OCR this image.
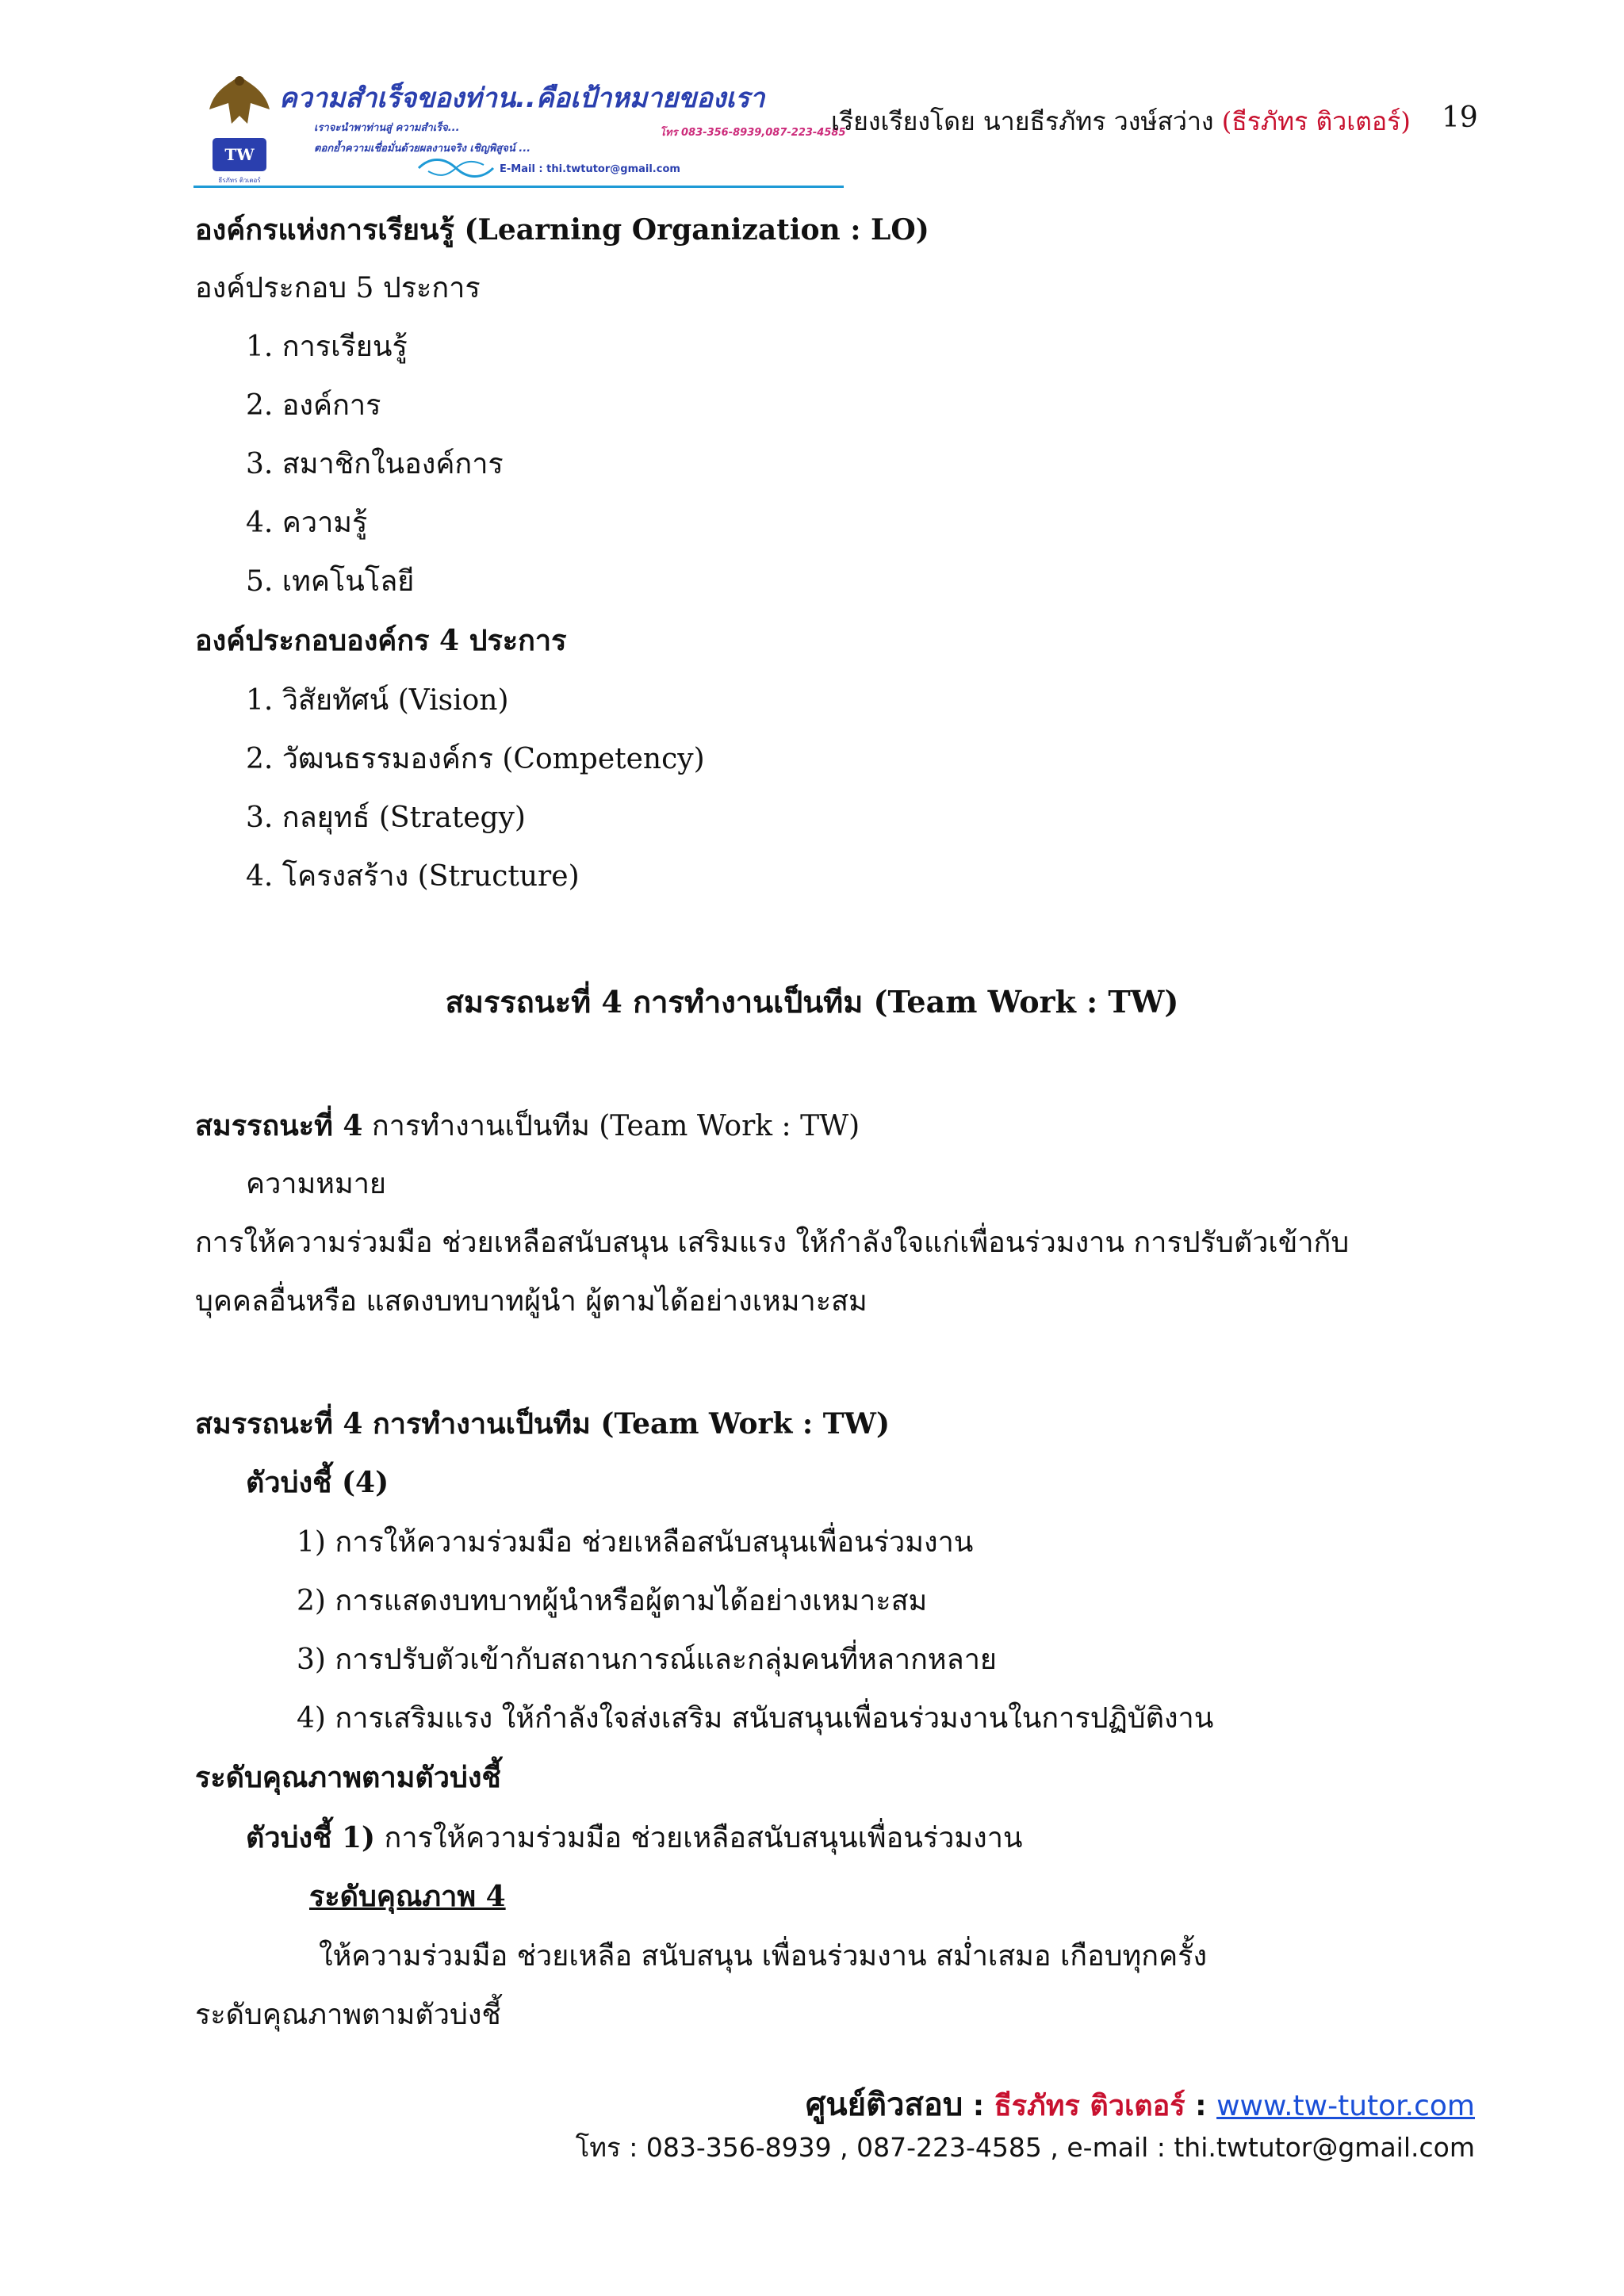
TW
ธีรภัทร ติวเตอร์
ความสำเร็จของท่าน..คือเป้าหมายของเรา
เราจะนำพาท่านสู่ ความสำเร็จ...	โทร 083-356-8939,087-223-4585
ตอกย้ำความเชื่อมั่นด้วยผลงานจริง เชิญพิสูจน์ ...
E-Mail : thi.twtutor@gmail.com
เรียงเรียงโดย นายธีรภัทร วงษ์สว่าง (ธีรภัทร ติวเตอร์) 19
องค์กรแห่งการเรียนรู้ (Learning Organization : LO)
องค์ประกอบ 5 ประการ
1. การเรียนรู้
2. องค์การ
3. สมาชิกในองค์การ
4. ความรู้
5. เทคโนโลยี
องค์ประกอบองค์กร 4 ประการ
1. วิสัยทัศน์ (Vision)
2. วัฒนธรรมองค์กร (Competency)
3. กลยุทธ์ (Strategy)
4. โครงสร้าง (Structure)
สมรรถนะที่ 4 การทำงานเป็นทีม (Team Work : TW)
สมรรถนะที่ 4 การทำงานเป็นทีม (Team Work : TW)
ความหมาย
การให้ความร่วมมือ ช่วยเหลือสนับสนุน เสริมแรง ให้กำลังใจแก่เพื่อนร่วมงาน การปรับตัวเข้ากับ
บุคคลอื่นหรือ แสดงบทบาทผู้นำ ผู้ตามได้อย่างเหมาะสม
สมรรถนะที่ 4 การทำงานเป็นทีม (Team Work : TW)
ตัวบ่งชี้ (4)
1) การให้ความร่วมมือ ช่วยเหลือสนับสนุนเพื่อนร่วมงาน
2) การแสดงบทบาทผู้นำหรือผู้ตามได้อย่างเหมาะสม
3) การปรับตัวเข้ากับสถานการณ์และกลุ่มคนที่หลากหลาย
4) การเสริมแรง ให้กำลังใจส่งเสริม สนับสนุนเพื่อนร่วมงานในการปฏิบัติงาน
ระดับคุณภาพตามตัวบ่งชี้
ตัวบ่งชี้ 1) การให้ความร่วมมือ ช่วยเหลือสนับสนุนเพื่อนร่วมงาน
ระดับคุณภาพ 4
ให้ความร่วมมือ ช่วยเหลือ สนับสนุน เพื่อนร่วมงาน สม่ำเสมอ เกือบทุกครั้ง
ระดับคุณภาพตามตัวบ่งชี้
ศูนย์ติวสอบ : ธีรภัทร ติวเตอร์ : www.tw-tutor.com
โทร : 083-356-8939 , 087-223-4585 , e-mail : thi.twtutor@gmail.com
